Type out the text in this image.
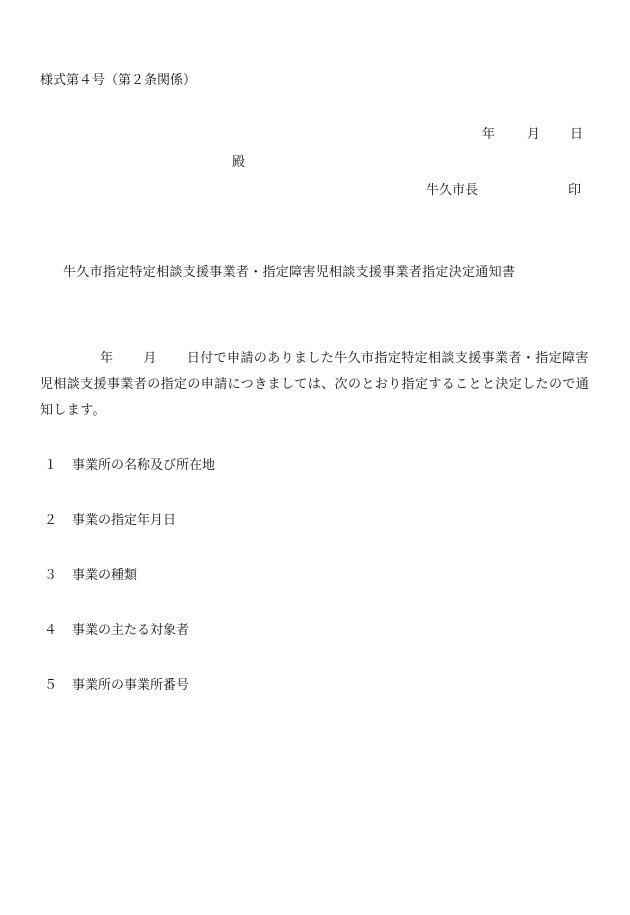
様式第４号（第２条関係）
年 月 日
殿
牛久市長	印
牛久市指定特定相談支援事業者・指定障害児相談支援事業者指定決定通知書
年 月 日付で申請のありました牛久市指定特定相談支援事業者・指定障害児相談支援事業者の指定の申請につきましては、次のとおり指定することと決定したので通知します。
１ 事業所の名称及び所在地
２ 事業の指定年月日
３ 事業の種類
４ 事業の主たる対象者
５ 事業所の事業所番号
